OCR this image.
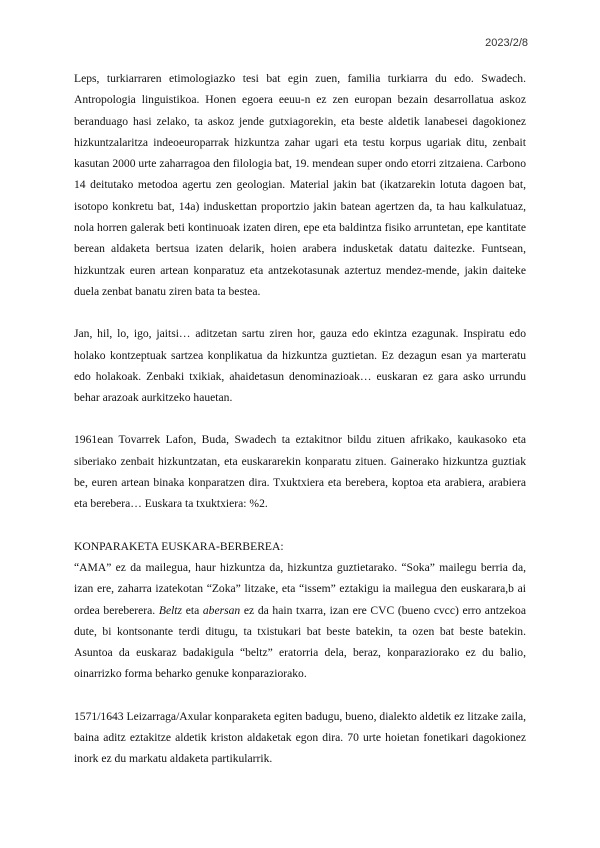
2023/2/8

Leps, turkiarraren etimologiazko tesi bat egin zuen, familia turkiarra du edo. Swadech. Antropologia linguistikoa. Honen egoera eeuu-n ez zen europan bezain desarrollatua askoz beranduago hasi zelako, ta askoz jende gutxiagorekin, eta beste aldetik lanabesei dagokionez hizkuntzalaritza indeoeuroparrak hizkuntza zahar ugari eta testu korpus ugariak ditu, zenbait kasutan 2000 urte zaharragoa den filologia bat, 19. mendean super ondo etorri zitzaiena. Carbono 14 deitutako metodoa agertu zen geologian. Material jakin bat (ikatzarekin lotuta dagoen bat, isotopo konkretu bat, 14a) induskettan proportzio jakin batean agertzen da, ta hau kalkulatuaz, nola horren galerak beti kontinuoak izaten diren, epe eta baldintza fisiko arruntetan, epe kantitate berean aldaketa bertsua izaten delarik, hoien arabera indusketak datatu daitezke. Funtsean, hizkuntzak euren artean konparatuz eta antzekotasunak aztertuz mendez-mende, jakin daiteke duela zenbat banatu ziren bata ta bestea.

Jan, hil, lo, igo, jaitsi… aditzetan sartu ziren hor, gauza edo ekintza ezagunak. Inspiratu edo holako kontzeptuak sartzea konplikatua da hizkuntza guztietan. Ez dezagun esan ya marteratu edo holakoak. Zenbaki txikiak, ahaidetasun denominazioak… euskaran ez gara asko urrundu behar arazoak aurkitzeko hauetan.

1961ean Tovarrek Lafon, Buda, Swadech ta eztakitnor bildu zituen afrikako, kaukasoko eta siberiako zenbait hizkuntzatan, eta euskararekin konparatu zituen. Gainerako hizkuntza guztiak be, euren artean binaka konparatzen dira. Txuktxiera eta berebera, koptoa eta arabiera, arabiera eta berebera… Euskara ta txuktxiera: %2.

KONPARAKETA EUSKARA-BERBEREA:

“AMA” ez da mailegua, haur hizkuntza da, hizkuntza guztietarako. “Soka” mailegu berria da, izan ere, zaharra izatekotan “Zoka” litzake, eta “issem” eztakigu ia mailegua den euskarara,b ai ordea bereberera. Beltz eta abersan ez da hain txarra, izan ere CVC (bueno cvcc) erro antzekoa dute, bi kontsonante terdi ditugu, ta txistukari bat beste batekin, ta ozen bat beste batekin. Asuntoa da euskaraz badakigula “beltz” eratorria dela, beraz, konparaziorako ez du balio, oinarrizko forma beharko genuke konparaziorako.

1571/1643 Leizarraga/Axular konparaketa egiten badugu, bueno, dialekto aldetik ez litzake zaila, baina aditz eztakitze aldetik kriston aldaketak egon dira. 70 urte hoietan fonetikari dagokionez inork ez du markatu aldaketa partikularrik.
